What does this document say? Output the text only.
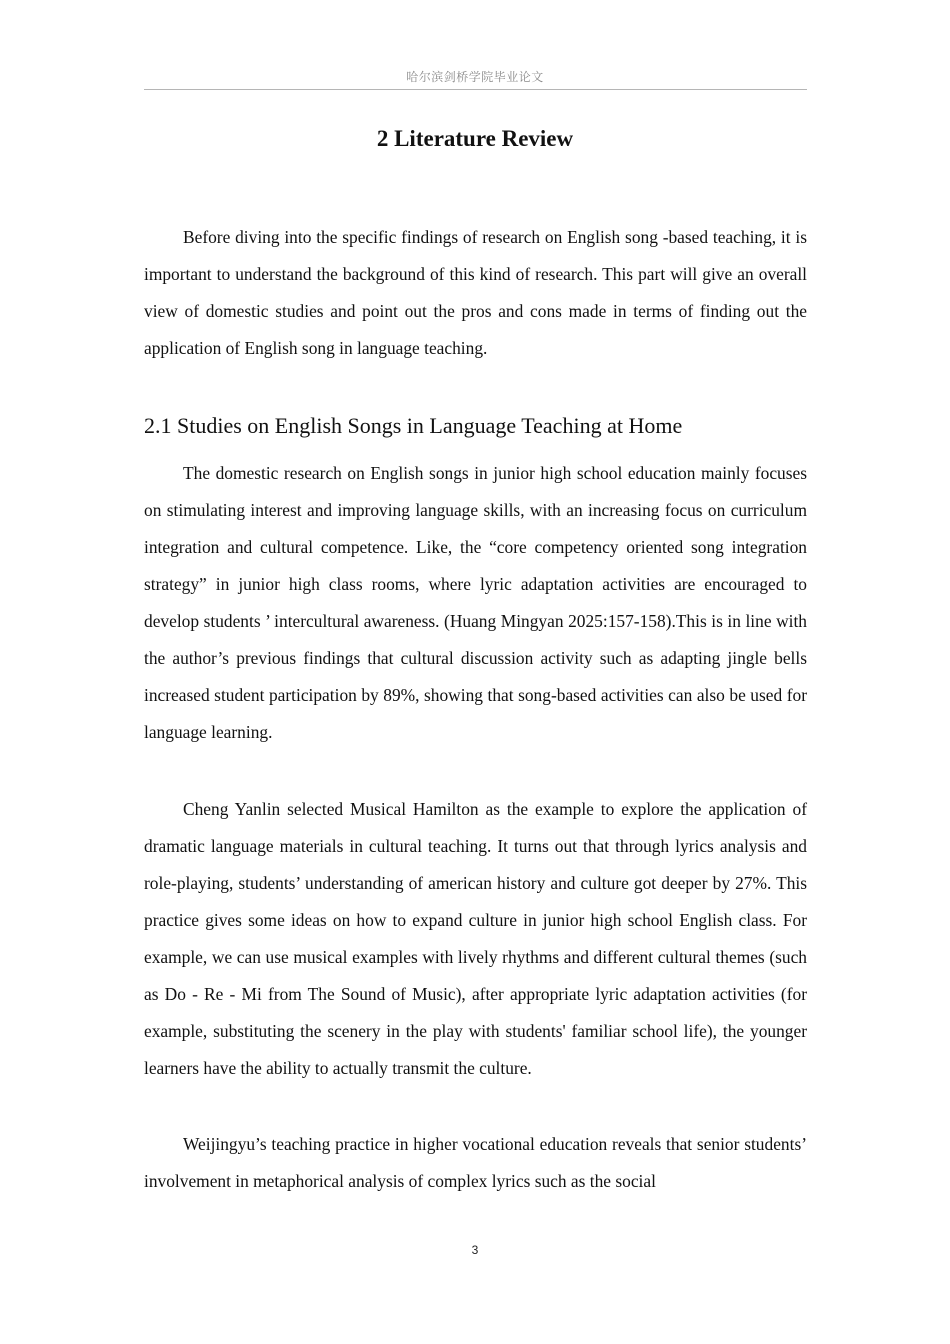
哈尔滨剑桥学院毕业论文
2 Literature Review

Before diving into the specific findings of research on English song -based teaching, it is important to understand the background of this kind of research. This part will give an overall view of domestic studies and point out the pros and cons made in terms of finding out the application of English song in language teaching.

2.1 Studies on English Songs in Language Teaching at Home

The domestic research on English songs in junior high school education mainly focuses on stimulating interest and improving language skills, with an increasing focus on curriculum integration and cultural competence. Like, the “core competency oriented song integration strategy” in junior high class rooms, where lyric adaptation activities are encouraged to develop students ’ intercultural awareness. (Huang Mingyan 2025:157-158).This is in line with the author’s previous findings that cultural discussion activity such as adapting jingle bells increased student participation by 89%, showing that song-based activities can also be used for language learning.

Cheng Yanlin selected Musical Hamilton as the example to explore the application of dramatic language materials in cultural teaching. It turns out that through lyrics analysis and role-playing, students’ understanding of american history and culture got deeper by 27%. This practice gives some ideas on how to expand culture in junior high school English class. For example, we can use musical examples with lively rhythms and different cultural themes (such as Do - Re - Mi from The Sound of Music), after appropriate lyric adaptation activities (for example, substituting the scenery in the play with students' familiar school life), the younger learners have the ability to actually transmit the culture.

Weijingyu’s teaching practice in higher vocational education reveals that senior students’ involvement in metaphorical analysis of complex lyrics such as the social

3
